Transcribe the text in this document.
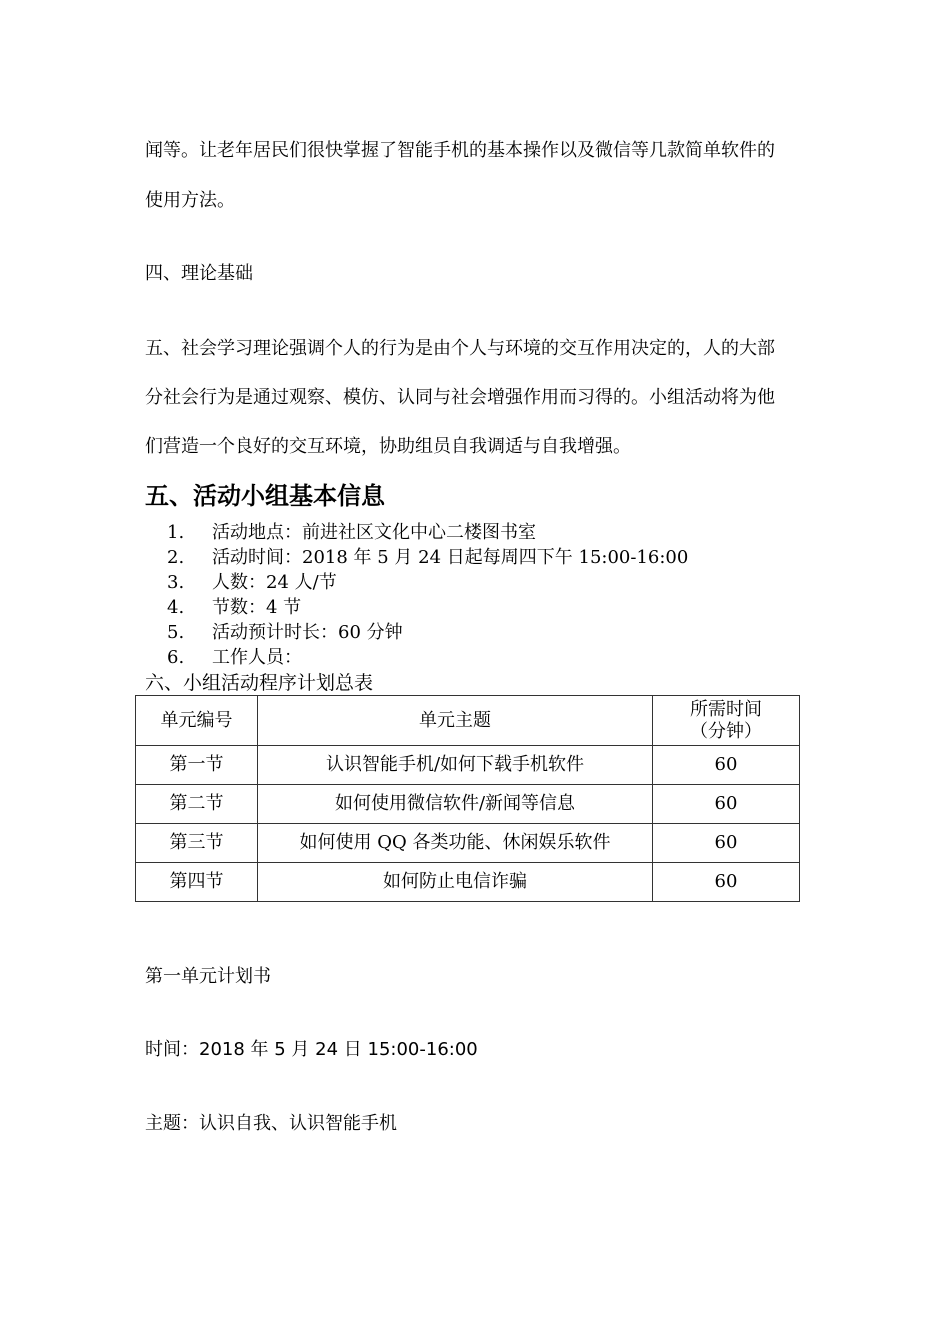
闻等。让老年居民们很快掌握了智能手机的基本操作以及微信等几款简单软件的
使用方法。
四、理论基础
五、社会学习理论强调个人的行为是由个人与环境的交互作用决定的，人的大部
分社会行为是通过观察、模仿、认同与社会增强作用而习得的。小组活动将为他
们营造一个良好的交互环境，协助组员自我调适与自我增强。
五、活动小组基本信息
1. 活动地点：前进社区文化中心二楼图书室
2. 活动时间：2018 年 5 月 24 日起每周四下午 15:00-16:00
3. 人数：24 人/节
4. 节数：4 节
5. 活动预计时长：60 分钟
6. 工作人员：
六、小组活动程序计划总表
单元编号	单元主题	所需时间
（分钟）

第一节	认识智能手机/如何下载手机软件	60
第二节	如何使用微信软件/新闻等信息	60
第三节	如何使用 QQ 各类功能、休闲娱乐软件	60
第四节	如何防止电信诈骗	60
第一单元计划书
时间：2018 年 5 月 24 日 15:00-16:00
主题：认识自我、认识智能手机
